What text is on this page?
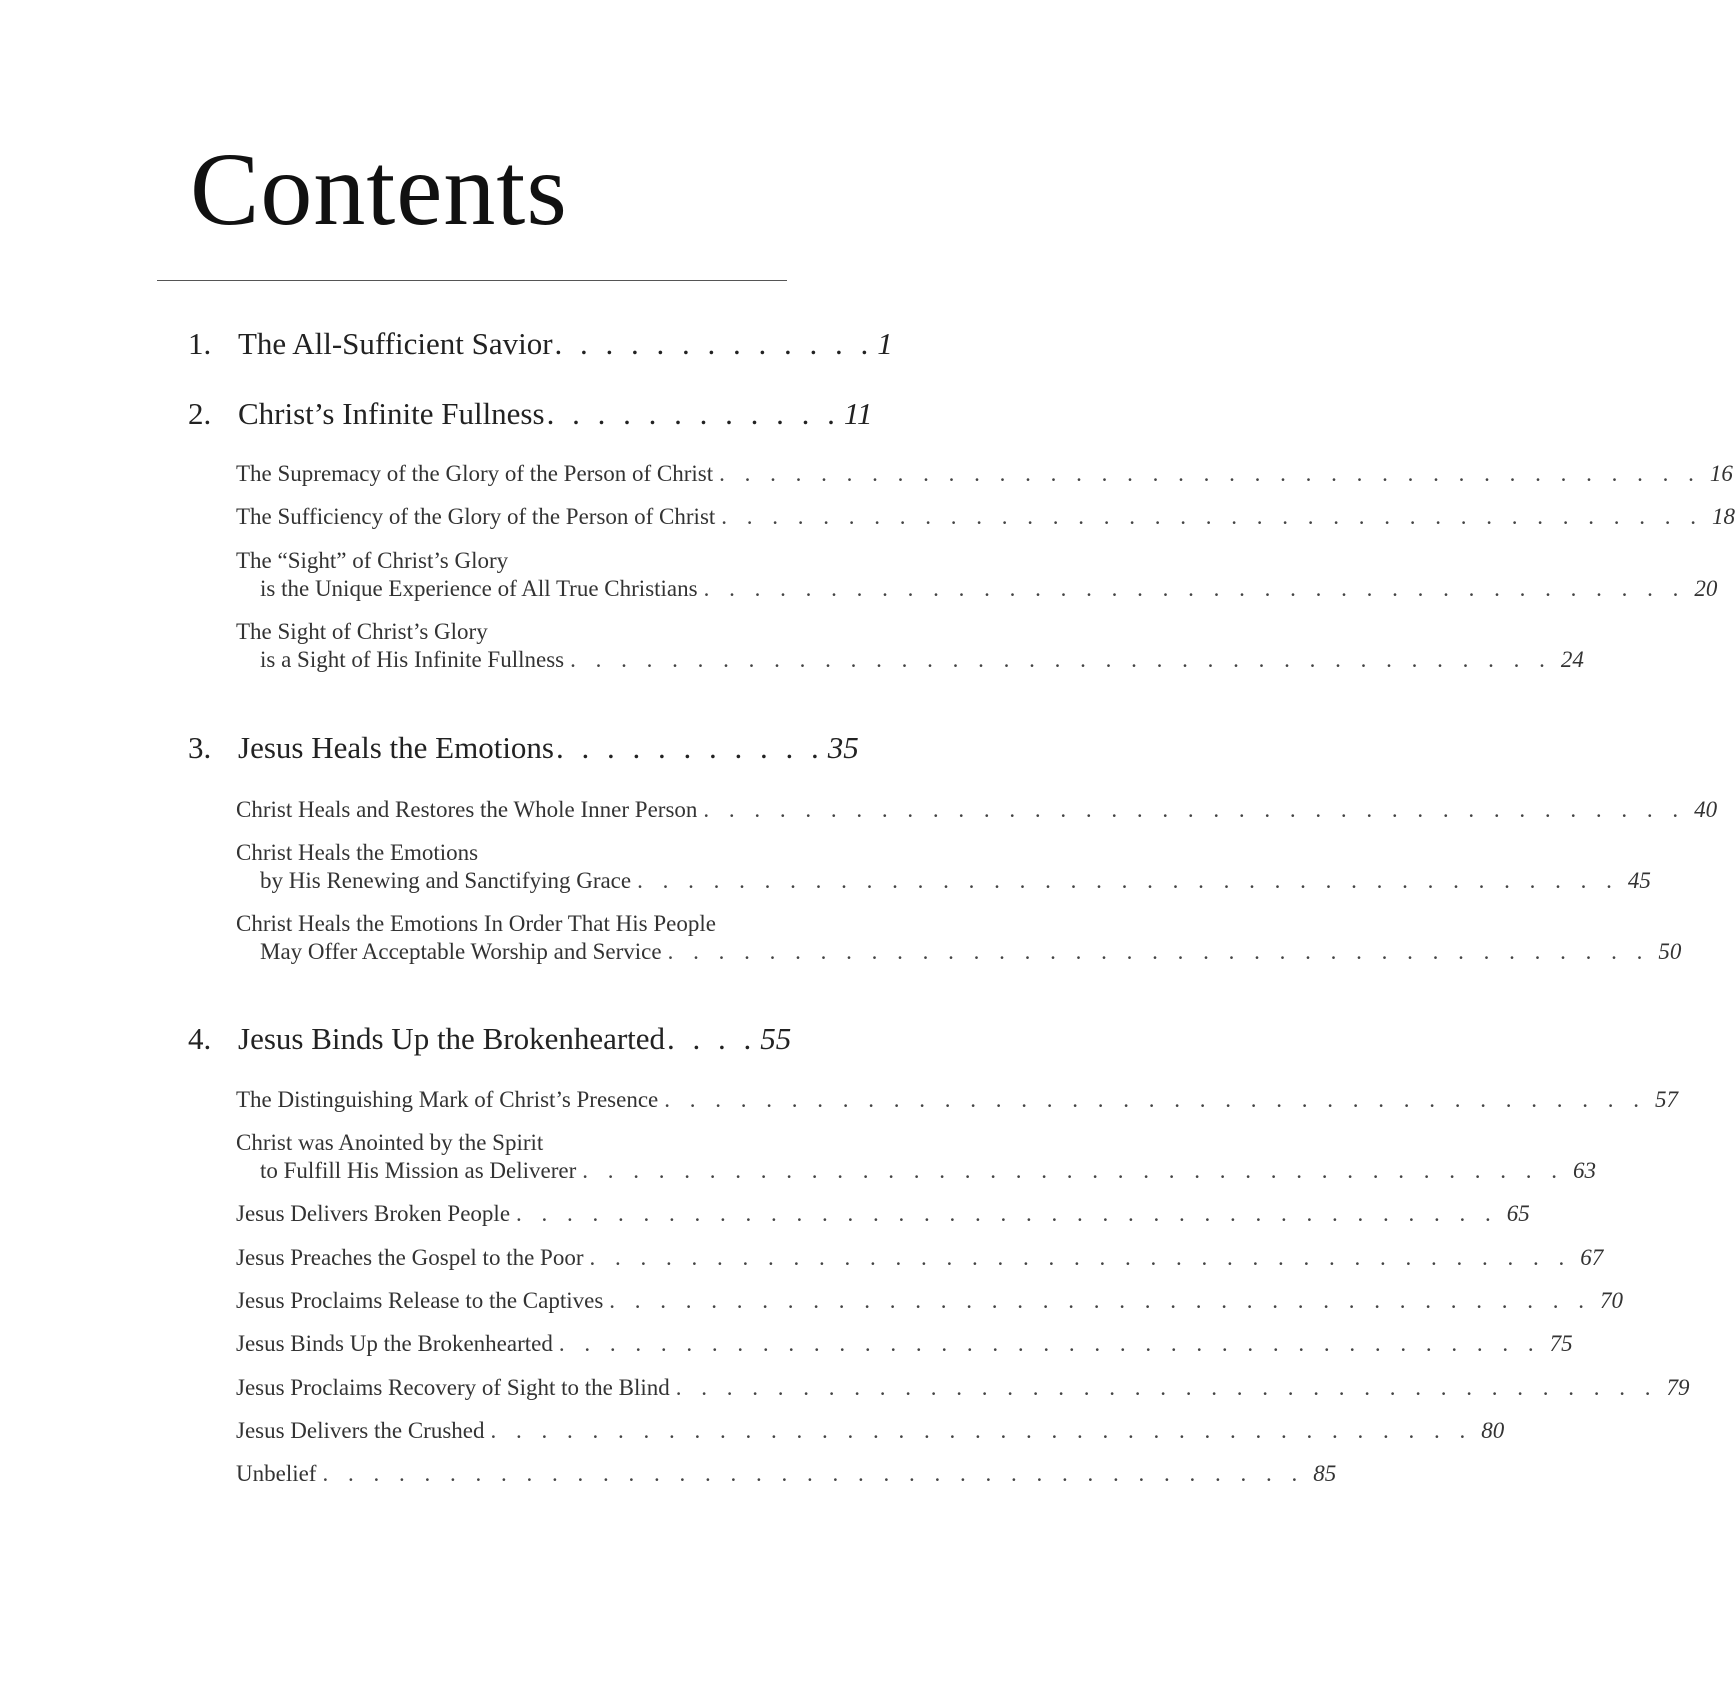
Contents
1. The All-Sufficient Savior . . . . . . . . . . . . . 1
2. Christ’s Infinite Fullness . . . . . . . . . . . . 11
The Supremacy of the Glory of the Person of Christ . . . . . . . . . . . . . . . . . . . . . . . . . . . . . . . . . . . . . . . 16
The Sufficiency of the Glory of the Person of Christ . . . . . . . . . . . . . . . . . . . . . . . . . . . . . . . . . . . . . . . 18
The “Sight” of Christ’s Glory
is the Unique Experience of All True Christians . . . . . . . . . . . . . . . . . . . . . . . . . . . . . . . . . . . . . . . 20
The Sight of Christ’s Glory
is a Sight of His Infinite Fullness . . . . . . . . . . . . . . . . . . . . . . . . . . . . . . . . . . . . . . . 24
3. Jesus Heals the Emotions . . . . . . . . . . . 35
Christ Heals and Restores the Whole Inner Person . . . . . . . . . . . . . . . . . . . . . . . . . . . . . . . . . . . . . . . 40
Christ Heals the Emotions
by His Renewing and Sanctifying Grace . . . . . . . . . . . . . . . . . . . . . . . . . . . . . . . . . . . . . . . 45
Christ Heals the Emotions In Order That His People
May Offer Acceptable Worship and Service . . . . . . . . . . . . . . . . . . . . . . . . . . . . . . . . . . . . . . . 50
4. Jesus Binds Up the Brokenhearted . . . . 55
The Distinguishing Mark of Christ’s Presence . . . . . . . . . . . . . . . . . . . . . . . . . . . . . . . . . . . . . . . 57
Christ was Anointed by the Spirit
to Fulfill His Mission as Deliverer . . . . . . . . . . . . . . . . . . . . . . . . . . . . . . . . . . . . . . . 63
Jesus Delivers Broken People . . . . . . . . . . . . . . . . . . . . . . . . . . . . . . . . . . . . . . . 65
Jesus Preaches the Gospel to the Poor . . . . . . . . . . . . . . . . . . . . . . . . . . . . . . . . . . . . . . . 67
Jesus Proclaims Release to the Captives . . . . . . . . . . . . . . . . . . . . . . . . . . . . . . . . . . . . . . . 70
Jesus Binds Up the Brokenhearted . . . . . . . . . . . . . . . . . . . . . . . . . . . . . . . . . . . . . . . 75
Jesus Proclaims Recovery of Sight to the Blind . . . . . . . . . . . . . . . . . . . . . . . . . . . . . . . . . . . . . . . 79
Jesus Delivers the Crushed . . . . . . . . . . . . . . . . . . . . . . . . . . . . . . . . . . . . . . . 80
Unbelief . . . . . . . . . . . . . . . . . . . . . . . . . . . . . . . . . . . . . . . 85
